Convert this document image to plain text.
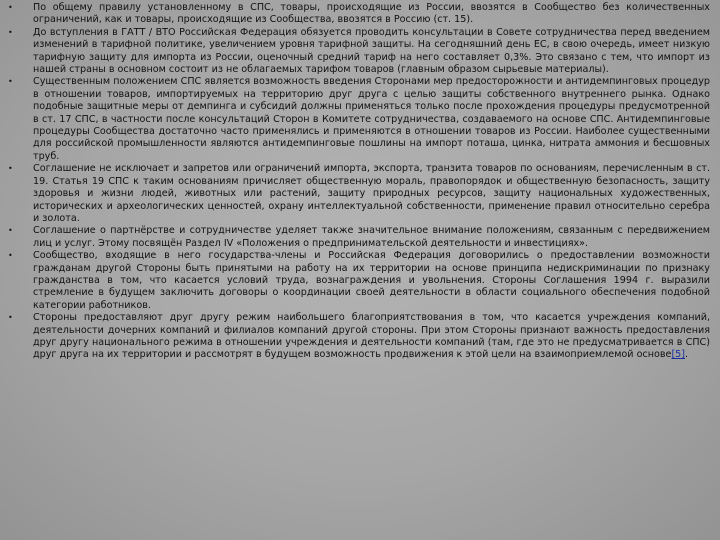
• По общему правилу установленному в СПС, товары, происходящие из России, ввозятся в Сообщество без количественных ограничений, как и товары, происходящие из Сообщества, ввозятся в Россию (ст. 15).
• До вступления в ГАТТ / ВТО Российская Федерация обязуется проводить консультации в Совете сотрудничества перед введением изменений в тарифной политике, увеличением уровня тарифной защиты. На сегодняшний день ЕС, в свою очередь, имеет низкую тарифную защиту для импорта из России, оценочный средний тариф на него составляет 0,3%. Это связано с тем, что импорт из нашей страны в основном состоит из не облагаемых тарифом товаров (главным образом сырьевые материалы).
• Существенным положением СПС является возможность введения Сторонами мер предосторожности и антидемпинговых процедур в отношении товаров, импортируемых на территорию друг друга с целью защиты собственного внутреннего рынка. Однако подобные защитные меры от демпинга и субсидий должны применяться только после прохождения процедуры предусмотренной в ст. 17 СПС, в частности после консультаций Сторон в Комитете сотрудничества, создаваемого на основе СПС. Антидемпинговые процедуры Сообщества достаточно часто применялись и применяются в отношении товаров из России. Наиболее существенными для российской промышленности являются антидемпинговые пошлины на импорт поташа, цинка, нитрата аммония и бесшовных труб.
• Соглашение не исключает и запретов или ограничений импорта, экспорта, транзита товаров по основаниям, перечисленным в ст. 19. Статья 19 СПС к таким основаниям причисляет общественную мораль, правопорядок и общественную безопасность, защиту здоровья и жизни людей, животных или растений, защиту природных ресурсов, защиту национальных художественных, исторических и археологических ценностей, охрану интеллектуальной собственности, применение правил относительно серебра и золота.
• Соглашение о партнёрстве и сотрудничестве уделяет также значительное внимание положениям, связанным с передвижением лиц и услуг. Этому посвящён Раздел IV «Положения о предпринимательской деятельности и инвестициях».
• Сообщество, входящие в него государства-члены и Российская Федерация договорились о предоставлении возможности гражданам другой Стороны быть принятыми на работу на их территории на основе принципа недискриминации по признаку гражданства в том, что касается условий труда, вознаграждения и увольнения. Стороны Соглашения 1994 г. выразили стремление в будущем заключить договоры о координации своей деятельности в области социального обеспечения подобной категории работников.
• Стороны предоставляют друг другу режим наибольшего благоприятствования в том, что касается учреждения компаний, деятельности дочерних компаний и филиалов компаний другой стороны. При этом Стороны признают важность предоставления друг другу национального режима в отношении учреждения и деятельности компаний (там, где это не предусматривается в СПС) друг друга на их территории и рассмотрят в будущем возможность продвижения к этой цели на взаимоприемлемой основе[5].
